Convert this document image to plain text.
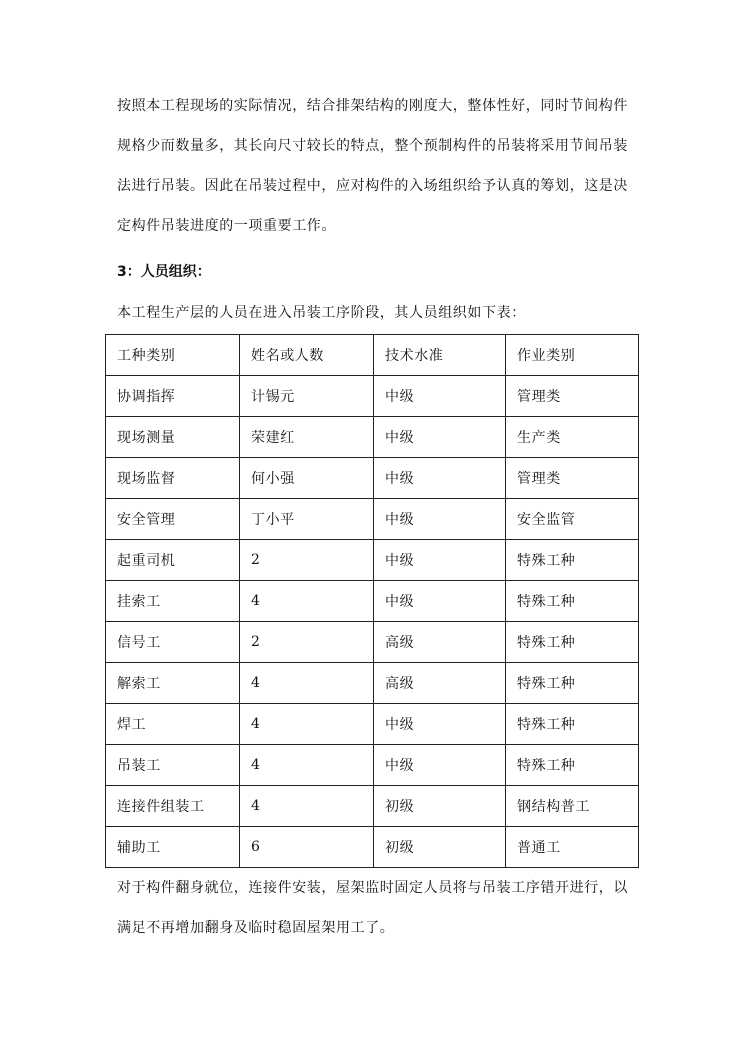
按照本工程现场的实际情况，结合排架结构的刚度大，整体性好，同时节间构件
规格少而数量多，其长向尺寸较长的特点，整个预制构件的吊装将采用节间吊装
法进行吊装。因此在吊装过程中，应对构件的入场组织给予认真的筹划，这是决
定构件吊装进度的一项重要工作。

3：人员组织：

本工程生产层的人员在进入吊装工序阶段，其人员组织如下表：

工种类别	姓名或人数	技术水准	作业类别
协调指挥	计锡元	中级	管理类
现场测量	荣建红	中级	生产类
现场监督	何小强	中级	管理类
安全管理	丁小平	中级	安全监管
起重司机	2	中级	特殊工种
挂索工	4	中级	特殊工种
信号工	2	高级	特殊工种
解索工	4	高级	特殊工种
焊工	4	中级	特殊工种
吊装工	4	中级	特殊工种
连接件组装工	4	初级	钢结构普工
辅助工	6	初级	普通工

对于构件翻身就位，连接件安装，屋架监时固定人员将与吊装工序错开进行，以
满足不再增加翻身及临时稳固屋架用工了。
